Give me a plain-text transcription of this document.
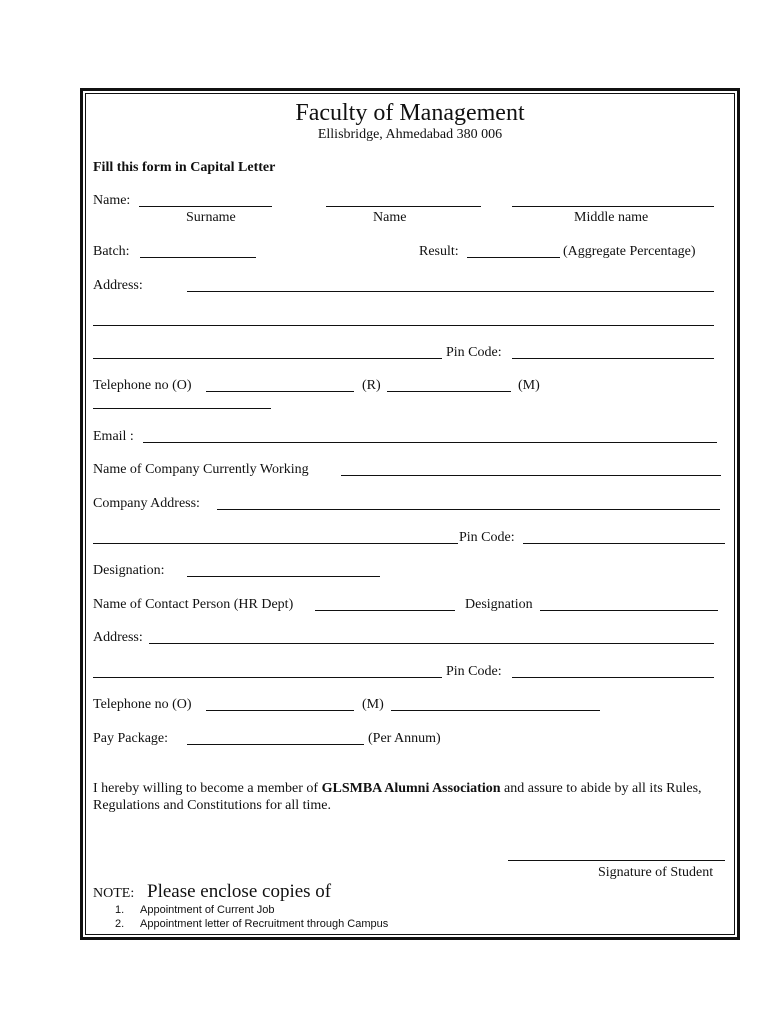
Faculty of Management
Ellisbridge, Ahmedabad 380 006
Fill this form in Capital Letter
Name:
Surname	Name	Middle name
Batch:	Result:	(Aggregate Percentage)
Address:
Pin Code:
Telephone no (O)	(R)	(M)
Email :
Name of Company Currently Working
Company Address:
Pin Code:
Designation:
Name of Contact Person (HR Dept)	Designation
Address:
Pin Code:
Telephone no (O)	(M)
Pay Package:	(Per Annum)
I hereby willing to become a member of GLSMBA Alumni Association and assure to abide by all its Rules, Regulations and Constitutions for all time.
Signature of Student
NOTE: Please enclose copies of
1. Appointment of Current Job
2. Appointment letter of Recruitment through Campus
